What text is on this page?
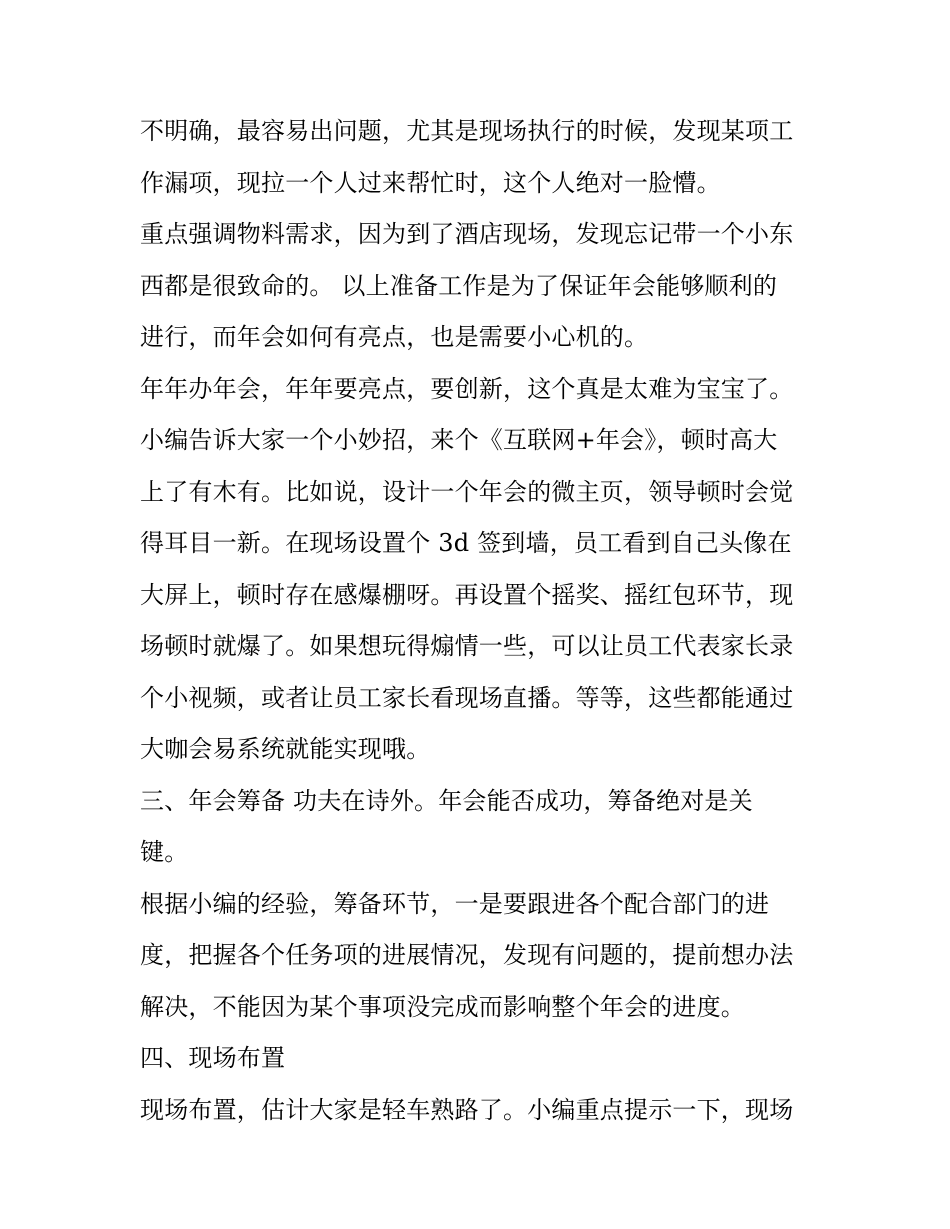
不明确，最容易出问题，尤其是现场执行的时候，发现某项工
作漏项，现拉一个人过来帮忙时，这个人绝对一脸懵。
重点强调物料需求，因为到了酒店现场，发现忘记带一个小东
西都是很致命的。 以上准备工作是为了保证年会能够顺利的
进行，而年会如何有亮点，也是需要小心机的。
年年办年会，年年要亮点，要创新，这个真是太难为宝宝了。
小编告诉大家一个小妙招，来个《互联网+年会》，顿时高大
上了有木有。比如说，设计一个年会的微主页，领导顿时会觉
得耳目一新。在现场设置个 3d 签到墙，员工看到自己头像在
大屏上，顿时存在感爆棚呀。再设置个摇奖、摇红包环节，现
场顿时就爆了。如果想玩得煽情一些，可以让员工代表家长录
个小视频，或者让员工家长看现场直播。等等，这些都能通过
大咖会易系统就能实现哦。
三、年会筹备 功夫在诗外。年会能否成功，筹备绝对是关
键。
根据小编的经验，筹备环节，一是要跟进各个配合部门的进
度，把握各个任务项的进展情况，发现有问题的，提前想办法
解决，不能因为某个事项没完成而影响整个年会的进度。
四、现场布置
现场布置，估计大家是轻车熟路了。小编重点提示一下，现场
